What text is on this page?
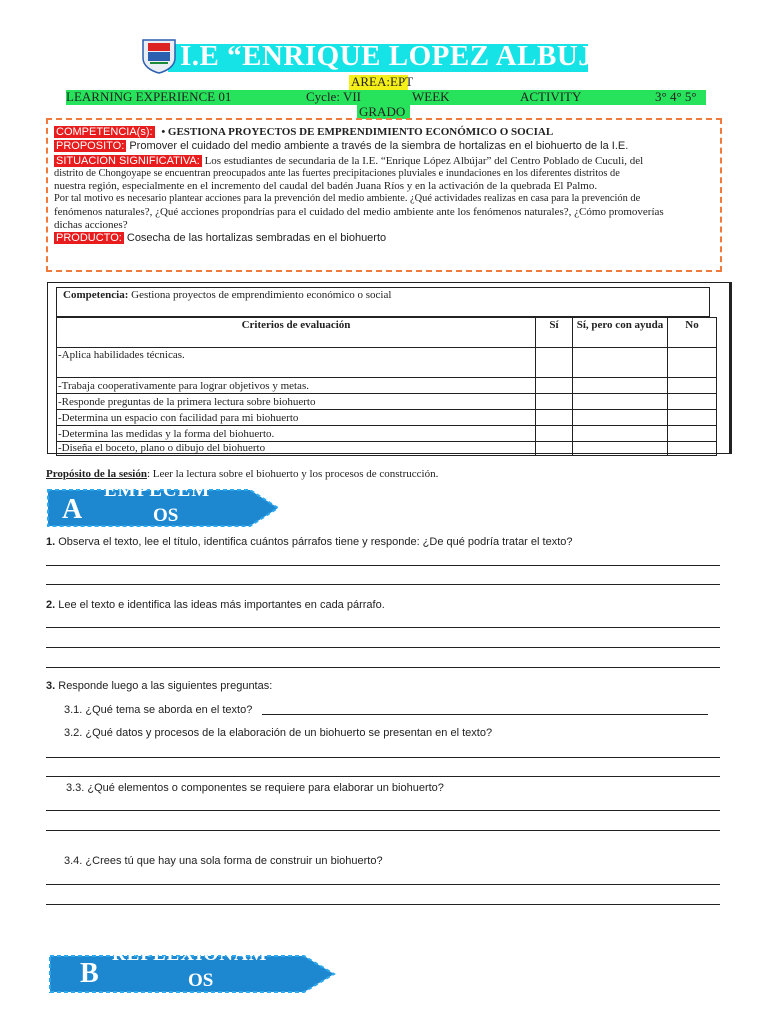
I.E “ENRIQUE LOPEZ ALBUJAR”
AREA:EPT
LEARNING EXPERIENCE 01	Cycle: VII	WEEK	ACTIVITY	3° 4° 5°
GRADO
COMPETENCIA(s): • GESTIONA PROYECTOS DE EMPRENDIMIENTO ECONÓMICO O SOCIAL
PROPOSITO: Promover el cuidado del medio ambiente a través de la siembra de hortalizas en el biohuerto de la I.E.
SITUACION SIGNIFICATIVA: Los estudiantes de secundaria de la I.E. “Enrique López Albújar” del Centro Poblado de Cuculi, del
distrito de Chongoyape se encuentran preocupados ante las fuertes precipitaciones pluviales e inundaciones en los diferentes distritos de
nuestra región, especialmente en el incremento del caudal del badén Juana Ríos y en la activación de la quebrada El Palmo.
Por tal motivo es necesario plantear acciones para la prevención del medio ambiente. ¿Qué actividades realizas en casa para la prevención de
fenómenos naturales?, ¿Qué acciones propondrías para el cuidado del medio ambiente ante los fenómenos naturales?, ¿Cómo promoverías
dichas acciones?
PRODUCTO: Cosecha de las hortalizas sembradas en el biohuerto
Competencia: Gestiona proyectos de emprendimiento económico o social
Criterios de evaluación	Sí	Sí, pero con ayuda	No
-Aplica habilidades técnicas.			
-Trabaja cooperativamente para lograr objetivos y metas.			
-Responde preguntas de la primera lectura sobre biohuerto			
-Determina un espacio con facilidad para mi biohuerto			
-Determina las medidas y la forma del biohuerto.			
-Diseña el boceto, plano o dibujo del biohuerto			
Propósito de la sesión: Leer la lectura sobre el biohuerto y los procesos de construcción.
A
EMPECEM
OS
1. Observa el texto, lee el título, identifica cuántos párrafos tiene y responde: ¿De qué podría tratar el texto?
2. Lee el texto e identifica las ideas más importantes en cada párrafo.
3. Responde luego a las siguientes preguntas:
3.1. ¿Qué tema se aborda en el texto?
3.2. ¿Qué datos y procesos de la elaboración de un biohuerto se presentan en el texto?
3.3. ¿Qué elementos o componentes se requiere para elaborar un biohuerto?
3.4. ¿Crees tú que hay una sola forma de construir un biohuerto?
B
REFLEXIONAM
OS
